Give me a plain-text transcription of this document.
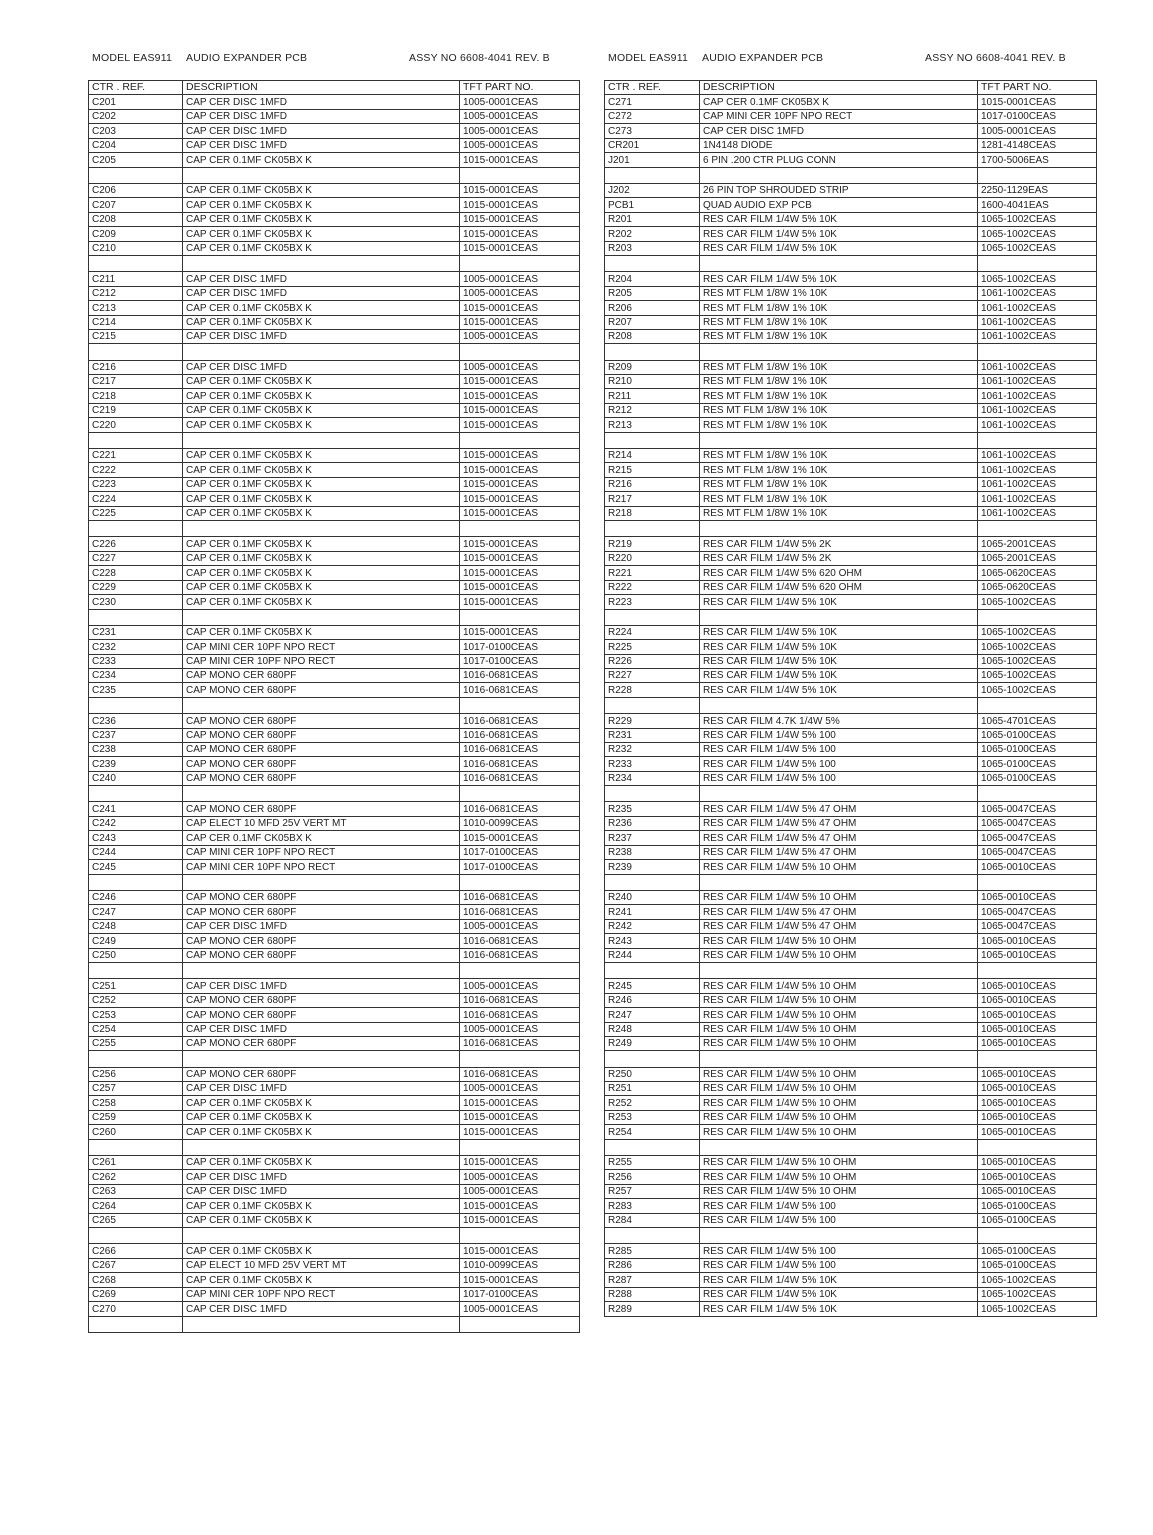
MODEL EAS911 AUDIO EXPANDER PCB	ASSY NO 6608-4041 REV. B	MODEL EAS911 AUDIO EXPANDER PCB	ASSY NO 6608-4041 REV. B
CTR . REF.	DESCRIPTION	TFT PART NO.
C201	CAP CER DISC 1MFD	1005-0001CEAS
C202	CAP CER DISC 1MFD	1005-0001CEAS
C203	CAP CER DISC 1MFD	1005-0001CEAS
C204	CAP CER DISC 1MFD	1005-0001CEAS
C205	CAP CER 0.1MF CK05BX K	1015-0001CEAS

C206	CAP CER 0.1MF CK05BX K	1015-0001CEAS
C207	CAP CER 0.1MF CK05BX K	1015-0001CEAS
C208	CAP CER 0.1MF CK05BX K	1015-0001CEAS
C209	CAP CER 0.1MF CK05BX K	1015-0001CEAS
C210	CAP CER 0.1MF CK05BX K	1015-0001CEAS

C211	CAP CER DISC 1MFD	1005-0001CEAS
C212	CAP CER DISC 1MFD	1005-0001CEAS
C213	CAP CER 0.1MF CK05BX K	1015-0001CEAS
C214	CAP CER 0.1MF CK05BX K	1015-0001CEAS
C215	CAP CER DISC 1MFD	1005-0001CEAS

C216	CAP CER DISC 1MFD	1005-0001CEAS
C217	CAP CER 0.1MF CK05BX K	1015-0001CEAS
C218	CAP CER 0.1MF CK05BX K	1015-0001CEAS
C219	CAP CER 0.1MF CK05BX K	1015-0001CEAS
C220	CAP CER 0.1MF CK05BX K	1015-0001CEAS

C221	CAP CER 0.1MF CK05BX K	1015-0001CEAS
C222	CAP CER 0.1MF CK05BX K	1015-0001CEAS
C223	CAP CER 0.1MF CK05BX K	1015-0001CEAS
C224	CAP CER 0.1MF CK05BX K	1015-0001CEAS
C225	CAP CER 0.1MF CK05BX K	1015-0001CEAS

C226	CAP CER 0.1MF CK05BX K	1015-0001CEAS
C227	CAP CER 0.1MF CK05BX K	1015-0001CEAS
C228	CAP CER 0.1MF CK05BX K	1015-0001CEAS
C229	CAP CER 0.1MF CK05BX K	1015-0001CEAS
C230	CAP CER 0.1MF CK05BX K	1015-0001CEAS

C231	CAP CER 0.1MF CK05BX K	1015-0001CEAS
C232	CAP MINI CER 10PF NPO RECT	1017-0100CEAS
C233	CAP MINI CER 10PF NPO RECT	1017-0100CEAS
C234	CAP MONO CER 680PF	1016-0681CEAS
C235	CAP MONO CER 680PF	1016-0681CEAS

C236	CAP MONO CER 680PF	1016-0681CEAS
C237	CAP MONO CER 680PF	1016-0681CEAS
C238	CAP MONO CER 680PF	1016-0681CEAS
C239	CAP MONO CER 680PF	1016-0681CEAS
C240	CAP MONO CER 680PF	1016-0681CEAS

C241	CAP MONO CER 680PF	1016-0681CEAS
C242	CAP ELECT 10 MFD 25V VERT MT	1010-0099CEAS
C243	CAP CER 0.1MF CK05BX K	1015-0001CEAS
C244	CAP MINI CER 10PF NPO RECT	1017-0100CEAS
C245	CAP MINI CER 10PF NPO RECT	1017-0100CEAS

C246	CAP MONO CER 680PF	1016-0681CEAS
C247	CAP MONO CER 680PF	1016-0681CEAS
C248	CAP CER DISC 1MFD	1005-0001CEAS
C249	CAP MONO CER 680PF	1016-0681CEAS
C250	CAP MONO CER 680PF	1016-0681CEAS

C251	CAP CER DISC 1MFD	1005-0001CEAS
C252	CAP MONO CER 680PF	1016-0681CEAS
C253	CAP MONO CER 680PF	1016-0681CEAS
C254	CAP CER DISC 1MFD	1005-0001CEAS
C255	CAP MONO CER 680PF	1016-0681CEAS

C256	CAP MONO CER 680PF	1016-0681CEAS
C257	CAP CER DISC 1MFD	1005-0001CEAS
C258	CAP CER 0.1MF CK05BX K	1015-0001CEAS
C259	CAP CER 0.1MF CK05BX K	1015-0001CEAS
C260	CAP CER 0.1MF CK05BX K	1015-0001CEAS

C261	CAP CER 0.1MF CK05BX K	1015-0001CEAS
C262	CAP CER DISC 1MFD	1005-0001CEAS
C263	CAP CER DISC 1MFD	1005-0001CEAS
C264	CAP CER 0.1MF CK05BX K	1015-0001CEAS
C265	CAP CER 0.1MF CK05BX K	1015-0001CEAS

C266	CAP CER 0.1MF CK05BX K	1015-0001CEAS
C267	CAP ELECT 10 MFD 25V VERT MT	1010-0099CEAS
C268	CAP CER 0.1MF CK05BX K	1015-0001CEAS
C269	CAP MINI CER 10PF NPO RECT	1017-0100CEAS
C270	CAP CER DISC 1MFD	1005-0001CEAS

CTR . REF.	DESCRIPTION	TFT PART NO.
C271	CAP CER 0.1MF CK05BX K	1015-0001CEAS
C272	CAP MINI CER 10PF NPO RECT	1017-0100CEAS
C273	CAP CER DISC 1MFD	1005-0001CEAS
CR201	1N4148 DIODE	1281-4148CEAS
J201	6 PIN .200 CTR PLUG CONN	1700-5006EAS

J202	26 PIN TOP SHROUDED STRIP	2250-1129EAS
PCB1	QUAD AUDIO EXP PCB	1600-4041EAS
R201	RES CAR FILM 1/4W 5% 10K	1065-1002CEAS
R202	RES CAR FILM 1/4W 5% 10K	1065-1002CEAS
R203	RES CAR FILM 1/4W 5% 10K	1065-1002CEAS

R204	RES CAR FILM 1/4W 5% 10K	1065-1002CEAS
R205	RES MT FLM 1/8W 1% 10K	1061-1002CEAS
R206	RES MT FLM 1/8W 1% 10K	1061-1002CEAS
R207	RES MT FLM 1/8W 1% 10K	1061-1002CEAS
R208	RES MT FLM 1/8W 1% 10K	1061-1002CEAS

R209	RES MT FLM 1/8W 1% 10K	1061-1002CEAS
R210	RES MT FLM 1/8W 1% 10K	1061-1002CEAS
R211	RES MT FLM 1/8W 1% 10K	1061-1002CEAS
R212	RES MT FLM 1/8W 1% 10K	1061-1002CEAS
R213	RES MT FLM 1/8W 1% 10K	1061-1002CEAS

R214	RES MT FLM 1/8W 1% 10K	1061-1002CEAS
R215	RES MT FLM 1/8W 1% 10K	1061-1002CEAS
R216	RES MT FLM 1/8W 1% 10K	1061-1002CEAS
R217	RES MT FLM 1/8W 1% 10K	1061-1002CEAS
R218	RES MT FLM 1/8W 1% 10K	1061-1002CEAS

R219	RES CAR FILM 1/4W 5% 2K	1065-2001CEAS
R220	RES CAR FILM 1/4W 5% 2K	1065-2001CEAS
R221	RES CAR FILM 1/4W 5% 620 OHM	1065-0620CEAS
R222	RES CAR FILM 1/4W 5% 620 OHM	1065-0620CEAS
R223	RES CAR FILM 1/4W 5% 10K	1065-1002CEAS

R224	RES CAR FILM 1/4W 5% 10K	1065-1002CEAS
R225	RES CAR FILM 1/4W 5% 10K	1065-1002CEAS
R226	RES CAR FILM 1/4W 5% 10K	1065-1002CEAS
R227	RES CAR FILM 1/4W 5% 10K	1065-1002CEAS
R228	RES CAR FILM 1/4W 5% 10K	1065-1002CEAS

R229	RES CAR FILM 4.7K 1/4W 5%	1065-4701CEAS
R231	RES CAR FILM 1/4W 5% 100	1065-0100CEAS
R232	RES CAR FILM 1/4W 5% 100	1065-0100CEAS
R233	RES CAR FILM 1/4W 5% 100	1065-0100CEAS
R234	RES CAR FILM 1/4W 5% 100	1065-0100CEAS

R235	RES CAR FILM 1/4W 5% 47 OHM	1065-0047CEAS
R236	RES CAR FILM 1/4W 5% 47 OHM	1065-0047CEAS
R237	RES CAR FILM 1/4W 5% 47 OHM	1065-0047CEAS
R238	RES CAR FILM 1/4W 5% 47 OHM	1065-0047CEAS
R239	RES CAR FILM 1/4W 5% 10 OHM	1065-0010CEAS

R240	RES CAR FILM 1/4W 5% 10 OHM	1065-0010CEAS
R241	RES CAR FILM 1/4W 5% 47 OHM	1065-0047CEAS
R242	RES CAR FILM 1/4W 5% 47 OHM	1065-0047CEAS
R243	RES CAR FILM 1/4W 5% 10 OHM	1065-0010CEAS
R244	RES CAR FILM 1/4W 5% 10 OHM	1065-0010CEAS

R245	RES CAR FILM 1/4W 5% 10 OHM	1065-0010CEAS
R246	RES CAR FILM 1/4W 5% 10 OHM	1065-0010CEAS
R247	RES CAR FILM 1/4W 5% 10 OHM	1065-0010CEAS
R248	RES CAR FILM 1/4W 5% 10 OHM	1065-0010CEAS
R249	RES CAR FILM 1/4W 5% 10 OHM	1065-0010CEAS

R250	RES CAR FILM 1/4W 5% 10 OHM	1065-0010CEAS
R251	RES CAR FILM 1/4W 5% 10 OHM	1065-0010CEAS
R252	RES CAR FILM 1/4W 5% 10 OHM	1065-0010CEAS
R253	RES CAR FILM 1/4W 5% 10 OHM	1065-0010CEAS
R254	RES CAR FILM 1/4W 5% 10 OHM	1065-0010CEAS

R255	RES CAR FILM 1/4W 5% 10 OHM	1065-0010CEAS
R256	RES CAR FILM 1/4W 5% 10 OHM	1065-0010CEAS
R257	RES CAR FILM 1/4W 5% 10 OHM	1065-0010CEAS
R283	RES CAR FILM 1/4W 5% 100	1065-0100CEAS
R284	RES CAR FILM 1/4W 5% 100	1065-0100CEAS

R285	RES CAR FILM 1/4W 5% 100	1065-0100CEAS
R286	RES CAR FILM 1/4W 5% 100	1065-0100CEAS
R287	RES CAR FILM 1/4W 5% 10K	1065-1002CEAS
R288	RES CAR FILM 1/4W 5% 10K	1065-1002CEAS
R289	RES CAR FILM 1/4W 5% 10K	1065-1002CEAS
